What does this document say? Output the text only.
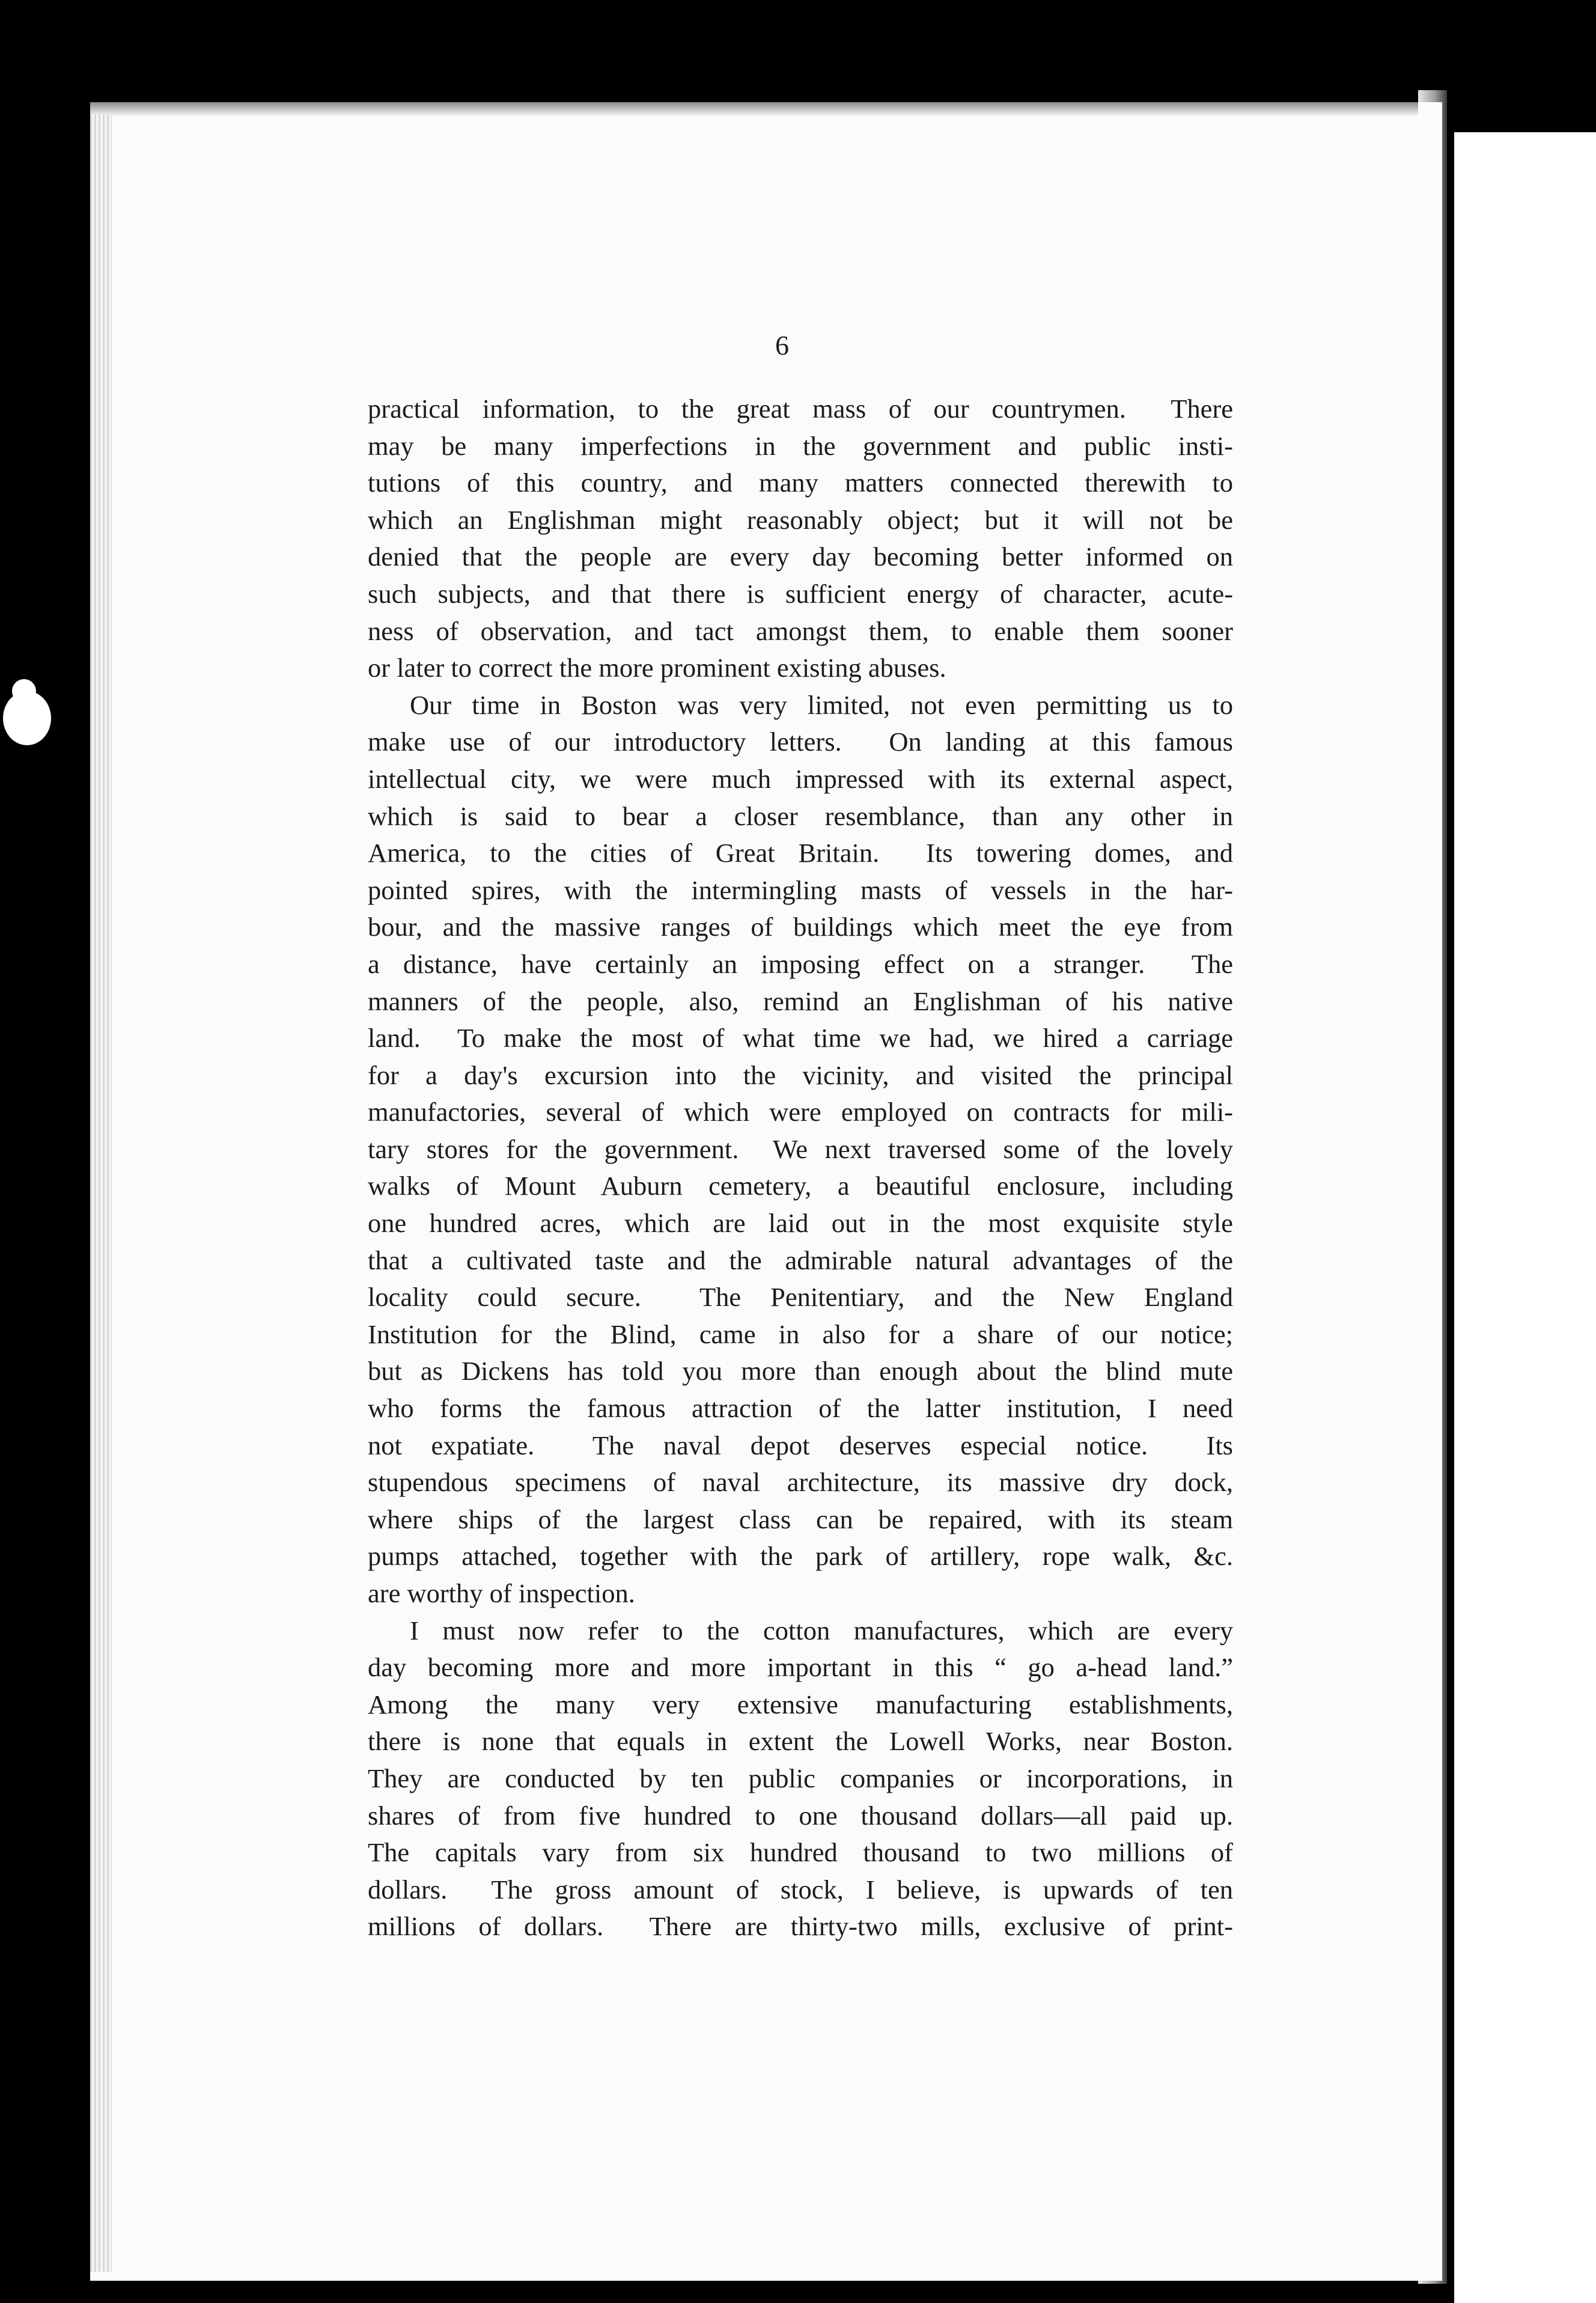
6
practical information, to the great mass of our countrymen.  There
may be many imperfections in the government and public insti-
tutions of this country, and many matters connected therewith to
which an Englishman might reasonably object; but it will not be
denied that the people are every day becoming better informed on
such subjects, and that there is sufficient energy of character, acute-
ness of observation, and tact amongst them, to enable them sooner
or later to correct the more prominent existing abuses.
Our time in Boston was very limited, not even permitting us to
make use of our introductory letters.  On landing at this famous
intellectual city, we were much impressed with its external aspect,
which is said to bear a closer resemblance, than any other in
America, to the cities of Great Britain.  Its towering domes, and
pointed spires, with the intermingling masts of vessels in the har-
bour, and the massive ranges of buildings which meet the eye from
a distance, have certainly an imposing effect on a stranger.  The
manners of the people, also, remind an Englishman of his native
land.  To make the most of what time we had, we hired a carriage
for a day's excursion into the vicinity, and visited the principal
manufactories, several of which were employed on contracts for mili-
tary stores for the government.  We next traversed some of the lovely
walks of Mount Auburn cemetery, a beautiful enclosure, including
one hundred acres, which are laid out in the most exquisite style
that a cultivated taste and the admirable natural advantages of the
locality could secure.  The Penitentiary, and the New England
Institution for the Blind, came in also for a share of our notice;
but as Dickens has told you more than enough about the blind mute
who forms the famous attraction of the latter institution, I need
not expatiate.  The naval depot deserves especial notice.  Its
stupendous specimens of naval architecture, its massive dry dock,
where ships of the largest class can be repaired, with its steam
pumps attached, together with the park of artillery, rope walk, &c.
are worthy of inspection.
I must now refer to the cotton manufactures, which are every
day becoming more and more important in this “ go a-head land.”
Among the many very extensive manufacturing establishments,
there is none that equals in extent the Lowell Works, near Boston.
They are conducted by ten public companies or incorporations, in
shares of from five hundred to one thousand dollars—all paid up.
The capitals vary from six hundred thousand to two millions of
dollars.  The gross amount of stock, I believe, is upwards of ten
millions of dollars.  There are thirty-two mills, exclusive of print-
